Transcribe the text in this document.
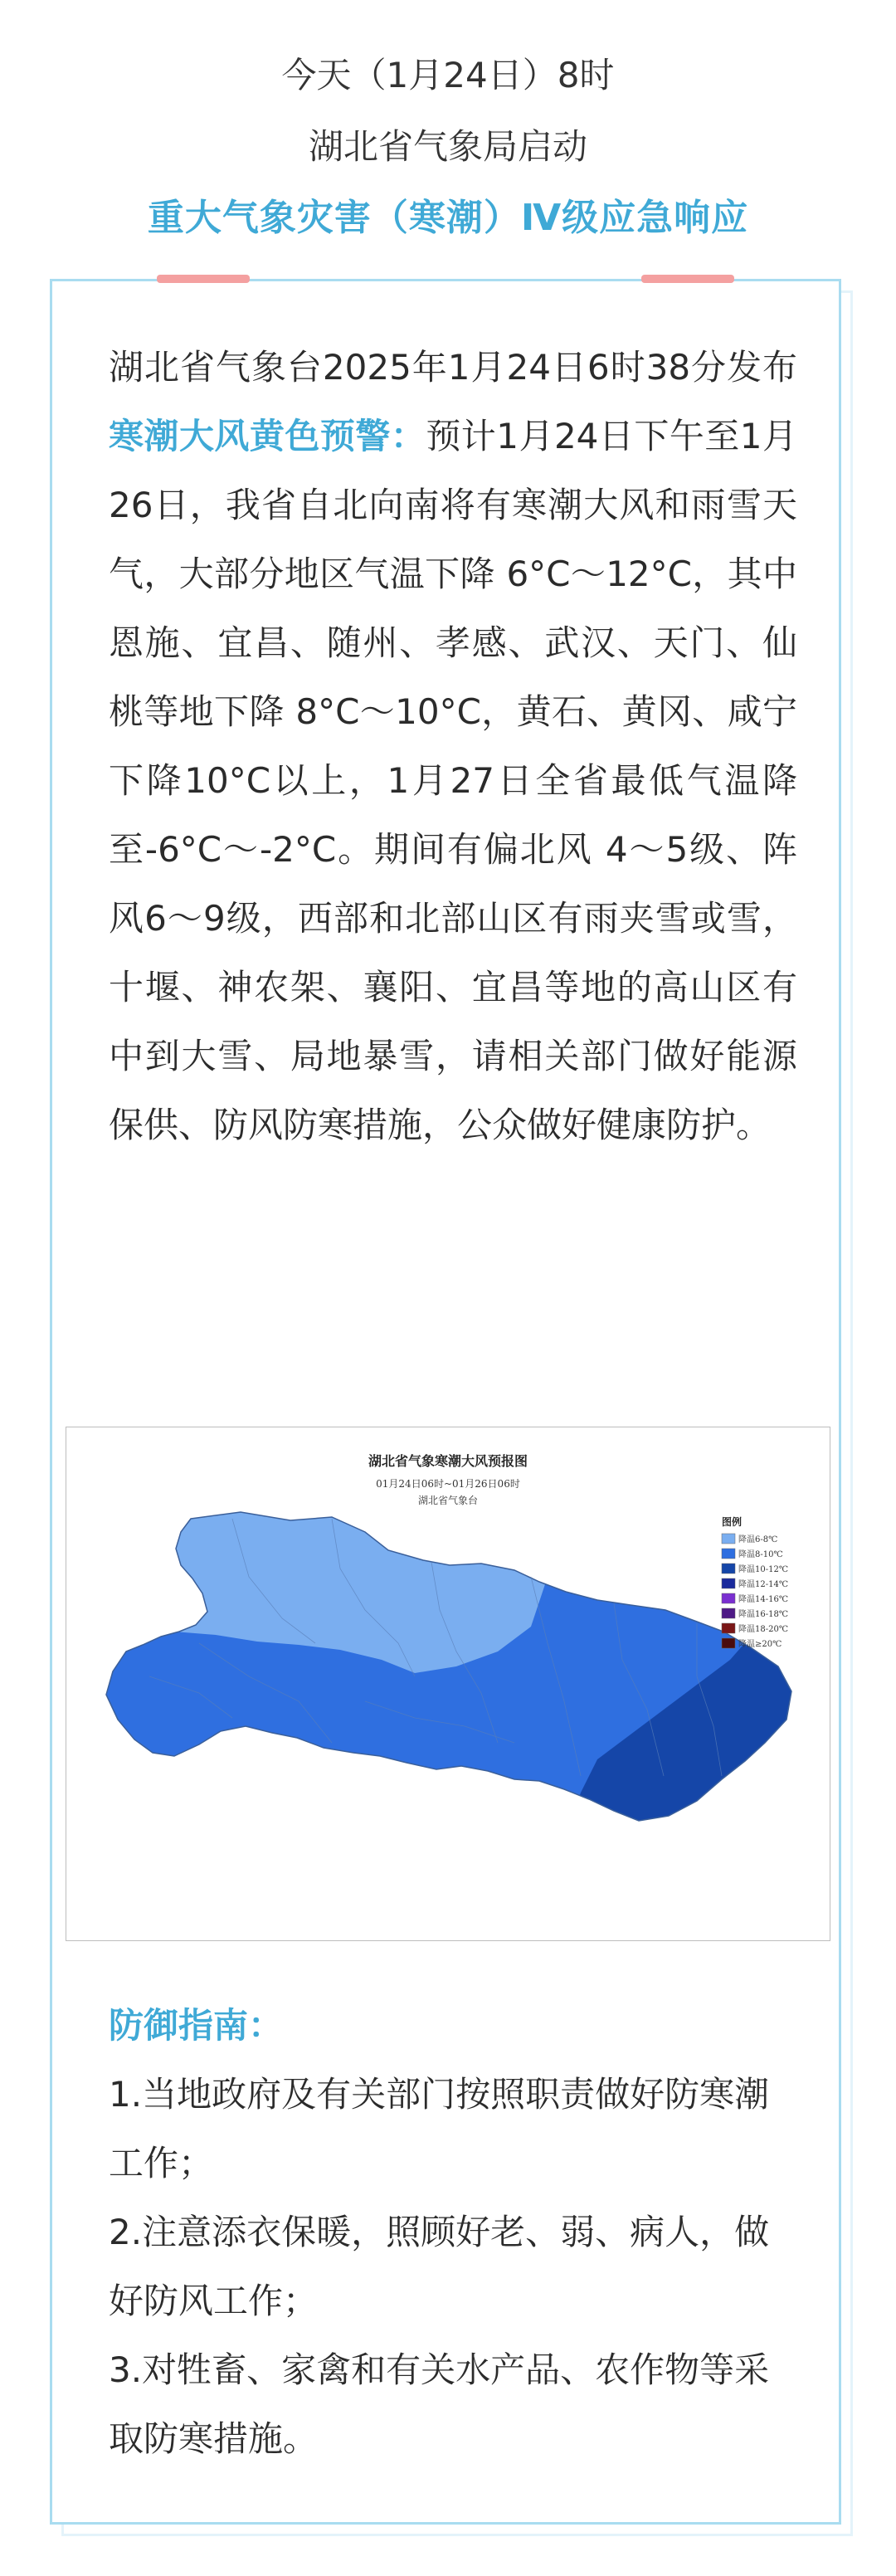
今天（1月24日）8时
湖北省气象局启动
重大气象灾害（寒潮）Ⅳ级应急响应
湖北省气象台2025年1月24日6时38分发布寒潮大风黄色预警：预计1月24日下午至1月26日，我省自北向南将有寒潮大风和雨雪天气，大部分地区气温下降 6°C～12°C，其中恩施、宜昌、随州、孝感、武汉、天门、仙桃等地下降 8°C～10°C，黄石、黄冈、咸宁下降10°C以上，1月27日全省最低气温降至-6°C～-2°C。期间有偏北风 4～5级、阵风6～9级，西部和北部山区有雨夹雪或雪，十堰、神农架、襄阳、宜昌等地的高山区有中到大雪、局地暴雪，请相关部门做好能源保供、防风防寒措施，公众做好健康防护。
湖北省气象寒潮大风预报图
01月24日06时~01月26日06时
湖北省气象台
图例
降温6-8℃
降温8-10℃
降温10-12℃
降温12-14℃
降温14-16℃
降温16-18℃
降温18-20℃
降温≥20℃
防御指南：
1.当地政府及有关部门按照职责做好防寒潮工作；
2.注意添衣保暖，照顾好老、弱、病人，做好防风工作；
3.对牲畜、家禽和有关水产品、农作物等采取防寒措施。
